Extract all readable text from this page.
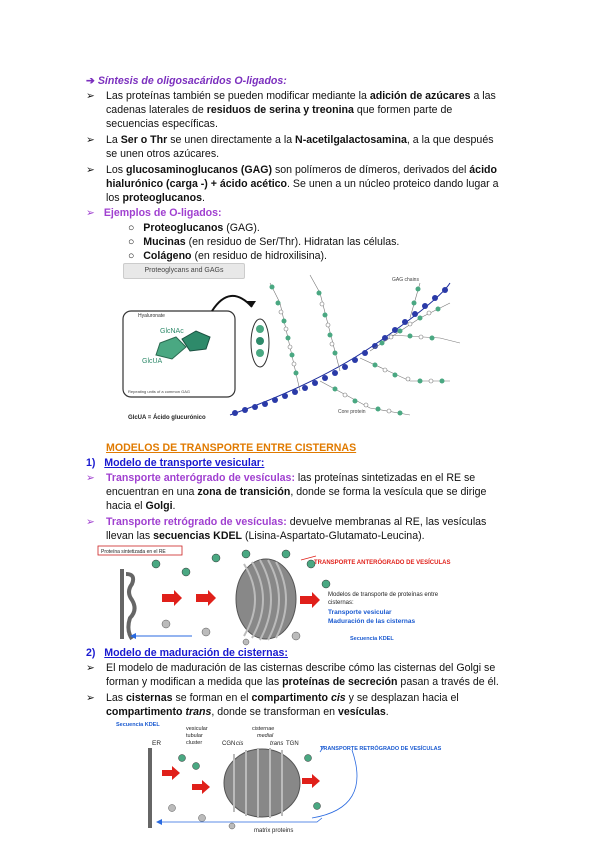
➔ Síntesis de oligosacáridos O-ligados:
➢ Las proteínas también se pueden modificar mediante la adición de azúcares a las
cadenas laterales de residuos de serina y treonina que formen parte de
secuencias específicas.
➢ La Ser o Thr se unen directamente a la N-acetilgalactosamina, a la que después
se unen otros azúcares.
➢ Los glucosaminoglucanos (GAG) son polímeros de dímeros, derivados del ácido
hialurónico (carga -) + ácido acético. Se unen a un núcleo proteico dando lugar a
los proteoglucanos.
➢ Ejemplos de O-ligados:
○ Proteoglucanos (GAG).
○ Mucinas (en residuo de Ser/Thr). Hidratan las células.
○ Colágeno (en residuo de hidroxilisina).
Proteoglycans and GAGs
Hyaluronate
GlcNAc
GlcUA
Repeating units of a common GAG
GAG chains
Core protein
GlcUA = Ácido glucurónico
MODELOS DE TRANSPORTE ENTRE CISTERNAS
1) Modelo de transporte vesicular:
➢ Transporte anterógrado de vesículas: las proteínas sintetizadas en el RE se
encuentran en una zona de transición, donde se forma la vesícula que se dirige
hacia el Golgi.
➢ Transporte retrógrado de vesículas: devuelve membranas al RE, las vesículas
llevan las secuencias KDEL (Lisina-Aspartato-Glutamato-Leucina).
Proteína sintetizada en el RE
TRANSPORTE ANTERÓGRADO DE VESÍCULAS
Modelos de transporte de proteínas entre
cisternas:
Transporte vesicular
Maduración de las cisternas
Secuencia KDEL
2) Modelo de maduración de cisternas:
➢ El modelo de maduración de las cisternas describe cómo las cisternas del Golgi se
forman y modifican a medida que las proteínas de secreción pasan a través de él.
➢ Las cisternas se forman en el compartimento cis y se desplazan hacia el
compartimento trans, donde se transforman en vesículas.
Secuencia KDEL
ER
vesicular
tubular
cluster	CGN cis
cisternae
medial
trans TGN
TRANSPORTE RETRÓGRADO DE VESÍCULAS
matrix proteins
